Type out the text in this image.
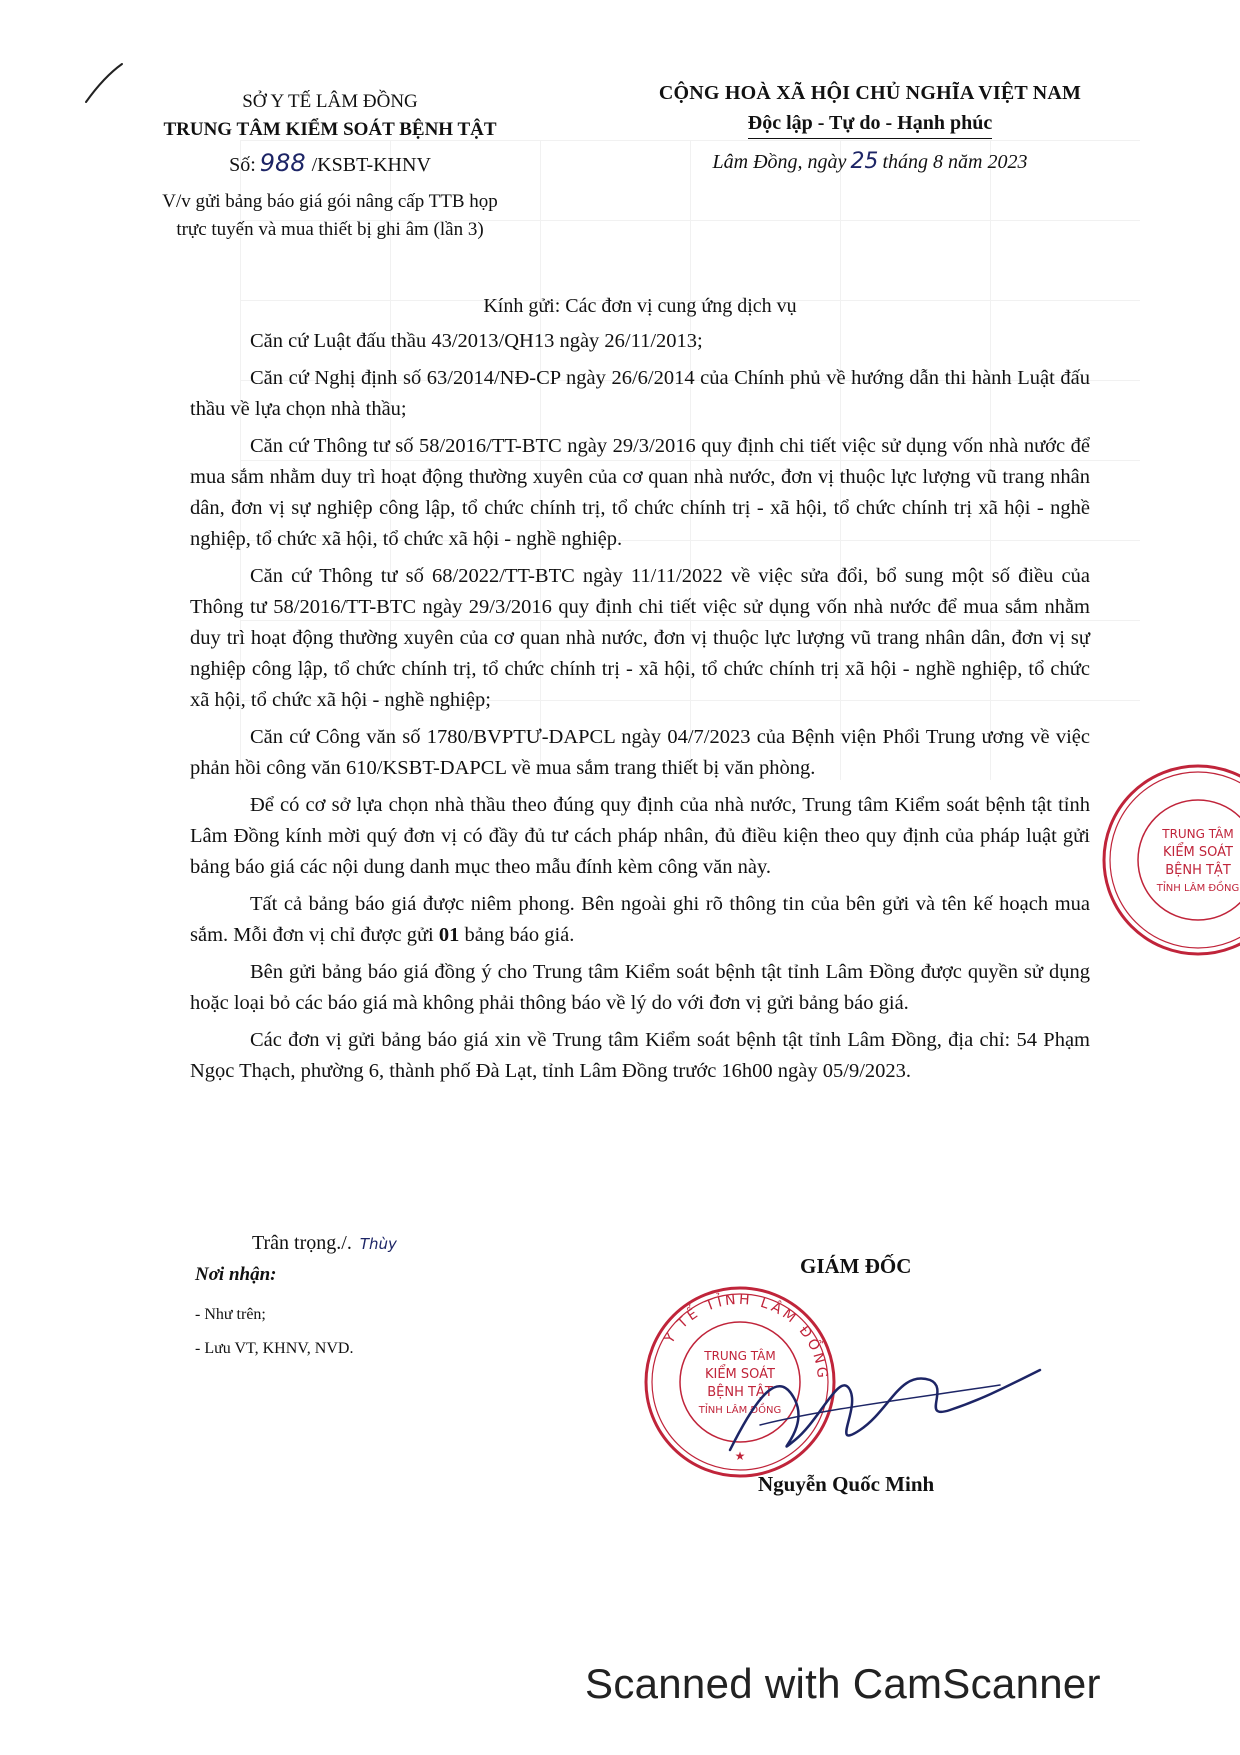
SỞ Y TẾ LÂM ĐỒNG
TRUNG TÂM KIỂM SOÁT BỆNH TẬT
Số: 988 /KSBT-KHNV
V/v gửi bảng báo giá gói nâng cấp TTB họp
trực tuyến và mua thiết bị ghi âm (lần 3)
CỘNG HOÀ XÃ HỘI CHỦ NGHĨA VIỆT NAM
Độc lập - Tự do - Hạnh phúc
Lâm Đồng, ngày 25 tháng 8 năm 2023
Kính gửi: Các đơn vị cung ứng dịch vụ

Căn cứ Luật đấu thầu 43/2013/QH13 ngày 26/11/2013;

Căn cứ Nghị định số 63/2014/NĐ-CP ngày 26/6/2014 của Chính phủ về hướng dẫn thi hành Luật đấu thầu về lựa chọn nhà thầu;

Căn cứ Thông tư số 58/2016/TT-BTC ngày 29/3/2016 quy định chi tiết việc sử dụng vốn nhà nước để mua sắm nhằm duy trì hoạt động thường xuyên của cơ quan nhà nước, đơn vị thuộc lực lượng vũ trang nhân dân, đơn vị sự nghiệp công lập, tổ chức chính trị, tổ chức chính trị - xã hội, tổ chức chính trị xã hội - nghề nghiệp, tổ chức xã hội, tổ chức xã hội - nghề nghiệp.

Căn cứ Thông tư số 68/2022/TT-BTC ngày 11/11/2022 về việc sửa đổi, bổ sung một số điều của Thông tư 58/2016/TT-BTC ngày 29/3/2016 quy định chi tiết việc sử dụng vốn nhà nước để mua sắm nhằm duy trì hoạt động thường xuyên của cơ quan nhà nước, đơn vị thuộc lực lượng vũ trang nhân dân, đơn vị sự nghiệp công lập, tổ chức chính trị, tổ chức chính trị - xã hội, tổ chức chính trị xã hội - nghề nghiệp, tổ chức xã hội, tổ chức xã hội - nghề nghiệp;

Căn cứ Công văn số 1780/BVPTƯ-DAPCL ngày 04/7/2023 của Bệnh viện Phổi Trung ương về việc phản hồi công văn 610/KSBT-DAPCL về mua sắm trang thiết bị văn phòng.

Để có cơ sở lựa chọn nhà thầu theo đúng quy định của nhà nước, Trung tâm Kiểm soát bệnh tật tỉnh Lâm Đồng kính mời quý đơn vị có đầy đủ tư cách pháp nhân, đủ điều kiện theo quy định của pháp luật gửi bảng báo giá các nội dung danh mục theo mẫu đính kèm công văn này.

Tất cả bảng báo giá được niêm phong. Bên ngoài ghi rõ thông tin của bên gửi và tên kế hoạch mua sắm. Mỗi đơn vị chỉ được gửi 01 bảng báo giá.

Bên gửi bảng báo giá đồng ý cho Trung tâm Kiểm soát bệnh tật tỉnh Lâm Đồng được quyền sử dụng hoặc loại bỏ các báo giá mà không phải thông báo về lý do với đơn vị gửi bảng báo giá.

Các đơn vị gửi bảng báo giá xin về Trung tâm Kiểm soát bệnh tật tỉnh Lâm Đồng, địa chỉ: 54 Phạm Ngọc Thạch, phường 6, thành phố Đà Lạt, tỉnh Lâm Đồng trước 16h00 ngày 05/9/2023.

Trân trọng./. Thùy
Nơi nhận:
- Như trên;
- Lưu VT, KHNV, NVD.
GIÁM ĐỐC
Y TẾ TỈNH LÂM ĐỒNG
TRUNG TÂM
KIỂM SOÁT
BỆNH TẬT
TỈNH LÂM ĐỒNG
★
Nguyễn Quốc Minh
TRUNG TÂM
KIỂM SOÁT
BỆNH TẬT
TỈNH LÂM ĐỒNG
Scanned with CamScanner
